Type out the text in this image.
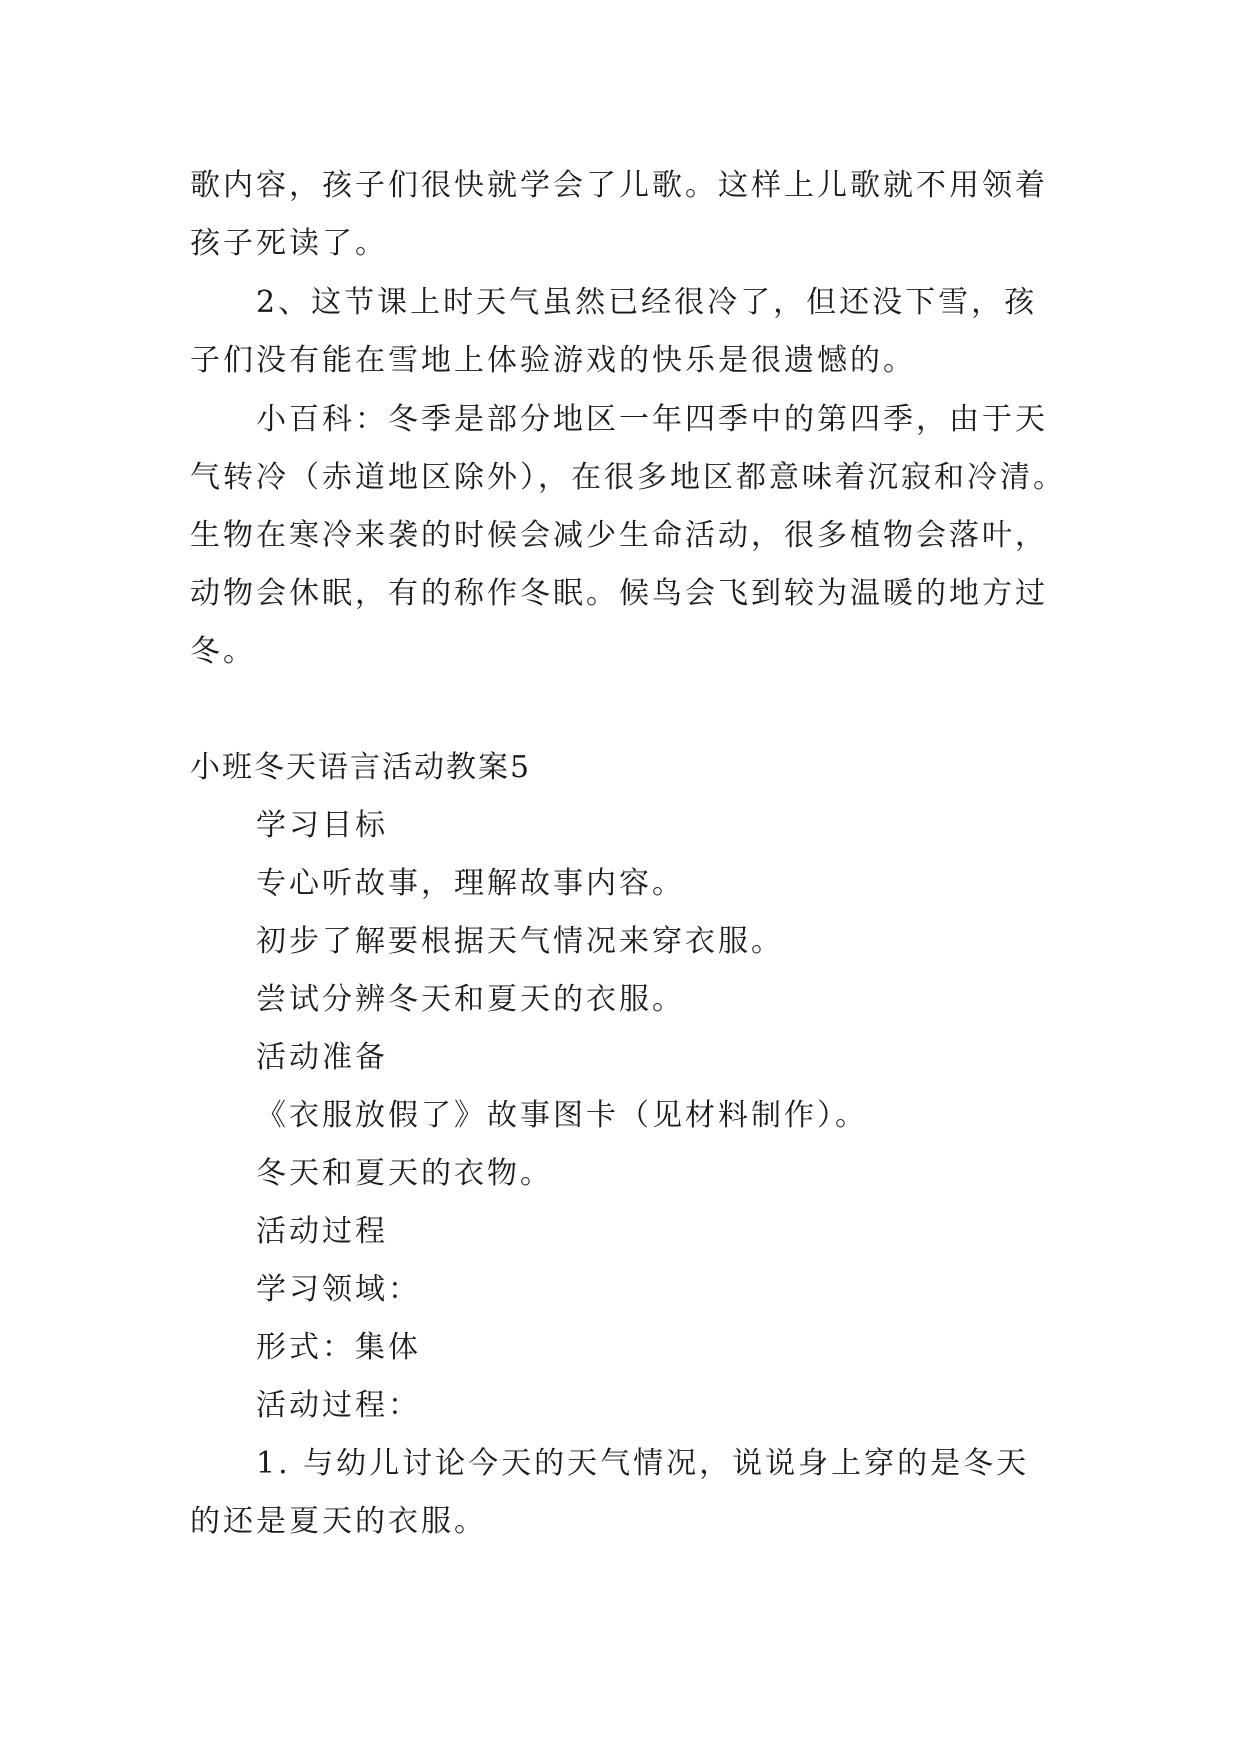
歌内容，孩子们很快就学会了儿歌。这样上儿歌就不用领着
孩子死读了。
2、这节课上时天气虽然已经很冷了，但还没下雪，孩
子们没有能在雪地上体验游戏的快乐是很遗憾的。
小百科：冬季是部分地区一年四季中的第四季，由于天
气转冷（赤道地区除外），在很多地区都意味着沉寂和冷清。
生物在寒冷来袭的时候会减少生命活动，很多植物会落叶，
动物会休眠，有的称作冬眠。候鸟会飞到较为温暖的地方过
冬。
小班冬天语言活动教案5
学习目标
专心听故事，理解故事内容。
初步了解要根据天气情况来穿衣服。
尝试分辨冬天和夏天的衣服。
活动准备
《衣服放假了》故事图卡（见材料制作）。
冬天和夏天的衣物。
活动过程
学习领域：
形式：集体
活动过程：
1. 与幼儿讨论今天的天气情况，说说身上穿的是冬天
的还是夏天的衣服。
